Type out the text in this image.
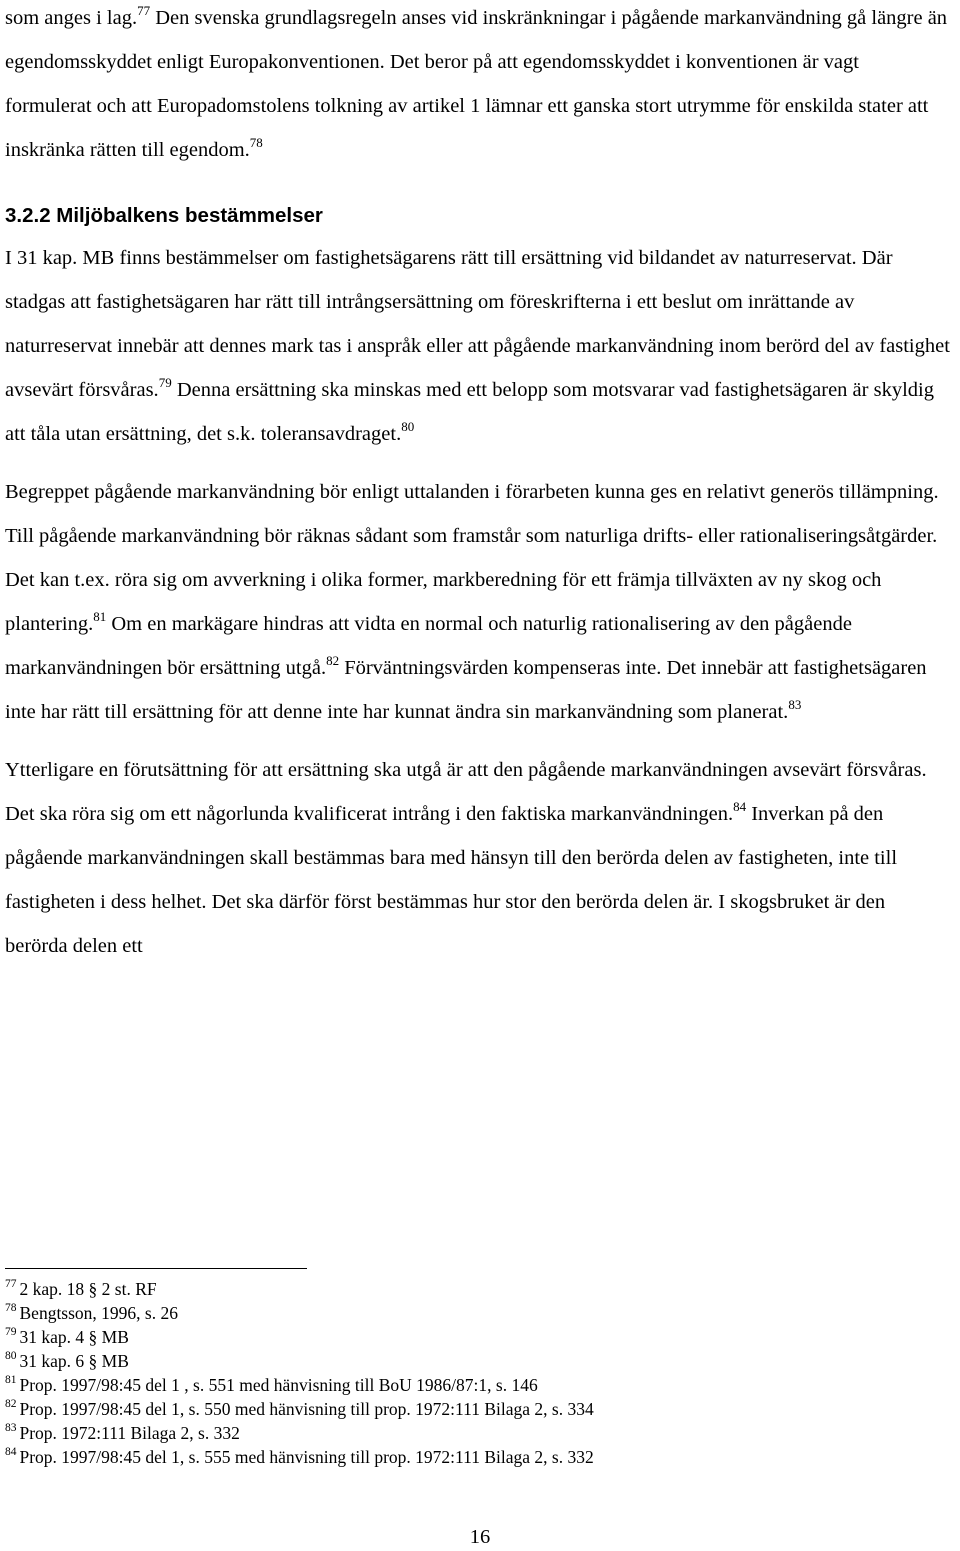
som anges i lag.$^{77}$ Den svenska grundlagsregeln anses vid inskränkningar i pågående markanvändning gå längre än egendomsskyddet enligt Europakonventionen. Det beror på att egendomsskyddet i konventionen är vagt formulerat och att Europadomstolens tolkning av artikel 1 lämnar ett ganska stort utrymme för enskilda stater att inskränka rätten till egendom.$^{78}$

3.2.2 Miljöbalkens bestämmelser

I 31 kap. MB finns bestämmelser om fastighetsägarens rätt till ersättning vid bildandet av naturreservat. Där stadgas att fastighetsägaren har rätt till intrångsersättning om föreskrifterna i ett beslut om inrättande av naturreservat innebär att dennes mark tas i anspråk eller att pågående markanvändning inom berörd del av fastighet avsevärt försvåras.$^{79}$ Denna ersättning ska minskas med ett belopp som motsvarar vad fastighetsägaren är skyldig att tåla utan ersättning, det s.k. toleransavdraget.$^{80}$

Begreppet pågående markanvändning bör enligt uttalanden i förarbeten kunna ges en relativt generös tillämpning. Till pågående markanvändning bör räknas sådant som framstår som naturliga drifts- eller rationaliseringsåtgärder. Det kan t.ex. röra sig om avverkning i olika former, markberedning för ett främja tillväxten av ny skog och plantering.$^{81}$ Om en markägare hindras att vidta en normal och naturlig rationalisering av den pågående markanvändningen bör ersättning utgå.$^{82}$ Förväntningsvärden kompenseras inte. Det innebär att fastighetsägaren inte har rätt till ersättning för att denne inte har kunnat ändra sin markanvändning som planerat.$^{83}$

Ytterligare en förutsättning för att ersättning ska utgå är att den pågående markanvändningen avsevärt försvåras. Det ska röra sig om ett någorlunda kvalificerat intrång i den faktiska markanvändningen.$^{84}$ Inverkan på den pågående markanvändningen skall bestämmas bara med hänsyn till den berörda delen av fastigheten, inte till fastigheten i dess helhet. Det ska därför först bestämmas hur stor den berörda delen är. I skogsbruket är den berörda delen ett

$^{77}$ 2 kap. 18 § 2 st. RF

$^{78}$ Bengtsson, 1996, s. 26

$^{79}$ 31 kap. 4 § MB

$^{80}$ 31 kap. 6 § MB

$^{81}$ Prop. 1997/98:45 del 1 , s. 551 med hänvisning till BoU 1986/87:1, s. 146

$^{82}$ Prop. 1997/98:45 del 1, s. 550 med hänvisning till prop. 1972:111 Bilaga 2, s. 334

$^{83}$ Prop. 1972:111 Bilaga 2, s. 332

$^{84}$ Prop. 1997/98:45 del 1, s. 555 med hänvisning till prop. 1972:111 Bilaga 2, s. 332

16
